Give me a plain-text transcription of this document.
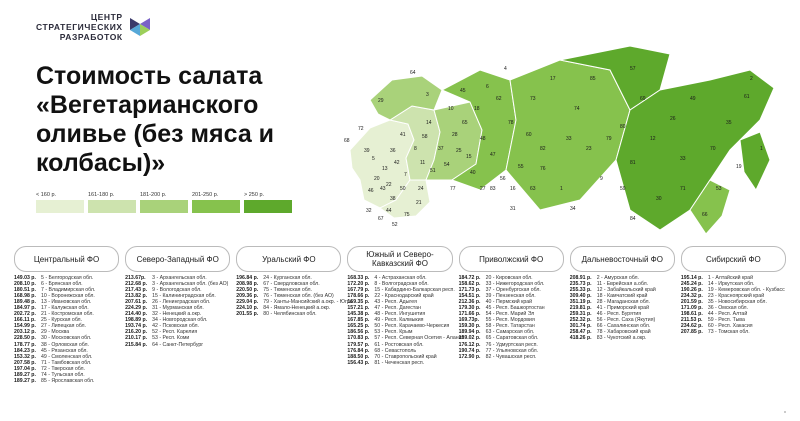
ЦЕНТР
СТРАТЕГИЧЕСКИХ
РАЗРАБОТОК
Стоимость салата «Вегетарианского оливье (без мяса и колбасы)»
< 160 р.	161-180 р.	181-200 р.	201-250 р.	> 250 р.
64
29
68
39
5
13
20
22
36
41
42
43
46
7
50
8
38
11
44
24
51
58
37
54
14
28
65
25
15
10	18
48
40
47
62
56
16
6
60
55	76
4
45
3
73
17
33
23
74
9
59
79
81
12
26
69	49
70
35
61
53
66
19
71
30
80
1
63
83
78
85
57
82
27
77
21
75
52
67
32
72
2
1
33
84
34
31
Центральный ФО
149.03 р. 5 - Белгородская обл.
208.10 р. 6 - Брянская обл.
180.51 р. 7 - Владимирская обл.
168.98 р. 10 - Воронежская обл.
189.48 р. 13 - Ивановская обл.
184.97 р. 17 - Калужская обл.
202.72 р. 21 - Костромская обл.
166.11 р.	25 - Курская обл.
154.99 р. 27 - Липецкая обл.
203.12 р. 29 - Москва
228.50 р. 30 - Московская обл.
178.77 р. 38 - Орловская обл.
184.23 р. 45 - Рязанская обл.
153.32 р. 49 - Смоленская обл.
207.58 р. 71 - Тамбовская обл.
197.04 р. 72 - Тверская обл.
189.27 р. 74 - Тульская обл.
189.27 р. 85 - Ярославская обл.
Северо-Западный ФО
213.67р.	3 - Архангельская обл.
212.68 р. 3 - Архангельская обл. (без АО)
217.43 р. 9 - Вологодская обл.
213.82 р. 15 - Калининградская обл.
207.61 р. 26 - Ленинградская обл.
224.29 р. 31 - Мурманская обл.
214.40 р. 32 - Ненецкий а.окр.
198.89 р. 34 - Новгородская обл.
193.74 р. 42 - Псковская обл.
216.20 р. 52 - Респ. Карелия
210.17 р. 53 - Респ. Коми
215.84 р. 64 - Санкт-Петербург
Уральский ФО
196.84 р. 24 - Курганская обл.
208.98 р. 67 - Свердловская обл.
220.50 р. 75 - Тюменская обл.
209.36 р. 76 - Тюменская обл. (без АО)
229.04 р. 79 - Ханты-Мансийский а.окр. - Югра
224.10 р. 84 - Ямало-Ненецкий а.окр.
201.55 р. 80 - Челябинская обл.
Южный и Северо-Кавказский ФО
168.33 р. 4 - Астраханская обл.
172.20 р. 8 - Волгоградская обл.
167.79 р. 15 - Кабардино-Балкарская респ.
178.66 р. 22 - Краснодарский край
169.35 р. 43 - Респ. Адыгея
157.21 р. 47 - Респ. Дагестан
145.38 р. 48 - Респ. Ингушетия
167.85 р. 49 - Респ. Калмыкия
165.25 р. 50 - Респ. Карачаево-Черкесия
186.56 р. 53 - Респ. Крым
170.83 р. 57 - Респ. Северная Осетия - Алания
179.57 р. 61 - Ростовская обл.
176.84 р. 68 - Севастополь
188.50 р. 70 - Ставропольский край
156.43 р. 81 - Чеченская респ.
Приволжский ФО
184.72 р. 20 - Кировская обл.
158.62 р. 33 - Нижегородская обл.
171.73 р. 37 - Оренбургская обл.
154.51 р. 39 - Пензенская обл.
212.36 р. 40 - Пермский край
179.30 р. 45 - Респ. Башкортостан
171.66 р. 54 - Респ. Марий Эл
169.73р.	55 - Респ. Мордовия
159.30 р. 58 - Респ. Татарстан
189.94 р. 63 - Самарская обл.
159.02 р. 65 - Саратовская обл.
176.12 р. 76 - Удмуртская респ.
190.74 р. 77 - Ульяновская обл.
172.90 р. 82 - Чувашская респ.
Дальневосточный ФО
208.91 р. 2 - Амурская обл.
235.73 р. 11 - Еврейская а.обл.
255.33 р. 12 - Забайкальский край
309.40 р. 18 - Камчатский край
351.19 р. 28 - Магаданская обл.
219.81 р. 41 - Приморский край
259.31 р. 46 - Респ. Бурятия
252.32 р. 56 - Респ. Саха (Якутия)
301.74 р. 66 - Сахалинская обл.
258.47 р. 78 - Хабаровский край
418.26 р. 83 - Чукотский а.окр.
Сибирский ФО
195.14 р. 1 - Алтайский край
245.24 р. 14 - Иркутская обл.
190.26 р. 19 - Кемеровская обл. - Кузбасс
234.32 р. 23 - Красноярский край
201.59 р. 35 - Новосибирская обл.
171.09 р. 36 - Омская обл.
198.61 р. 44 - Респ. Алтай
211.53 р.	59 - Респ. Тыва
234.62 р. 60 - Респ. Хакасия
207.85 р. 73 - Томская обл.
